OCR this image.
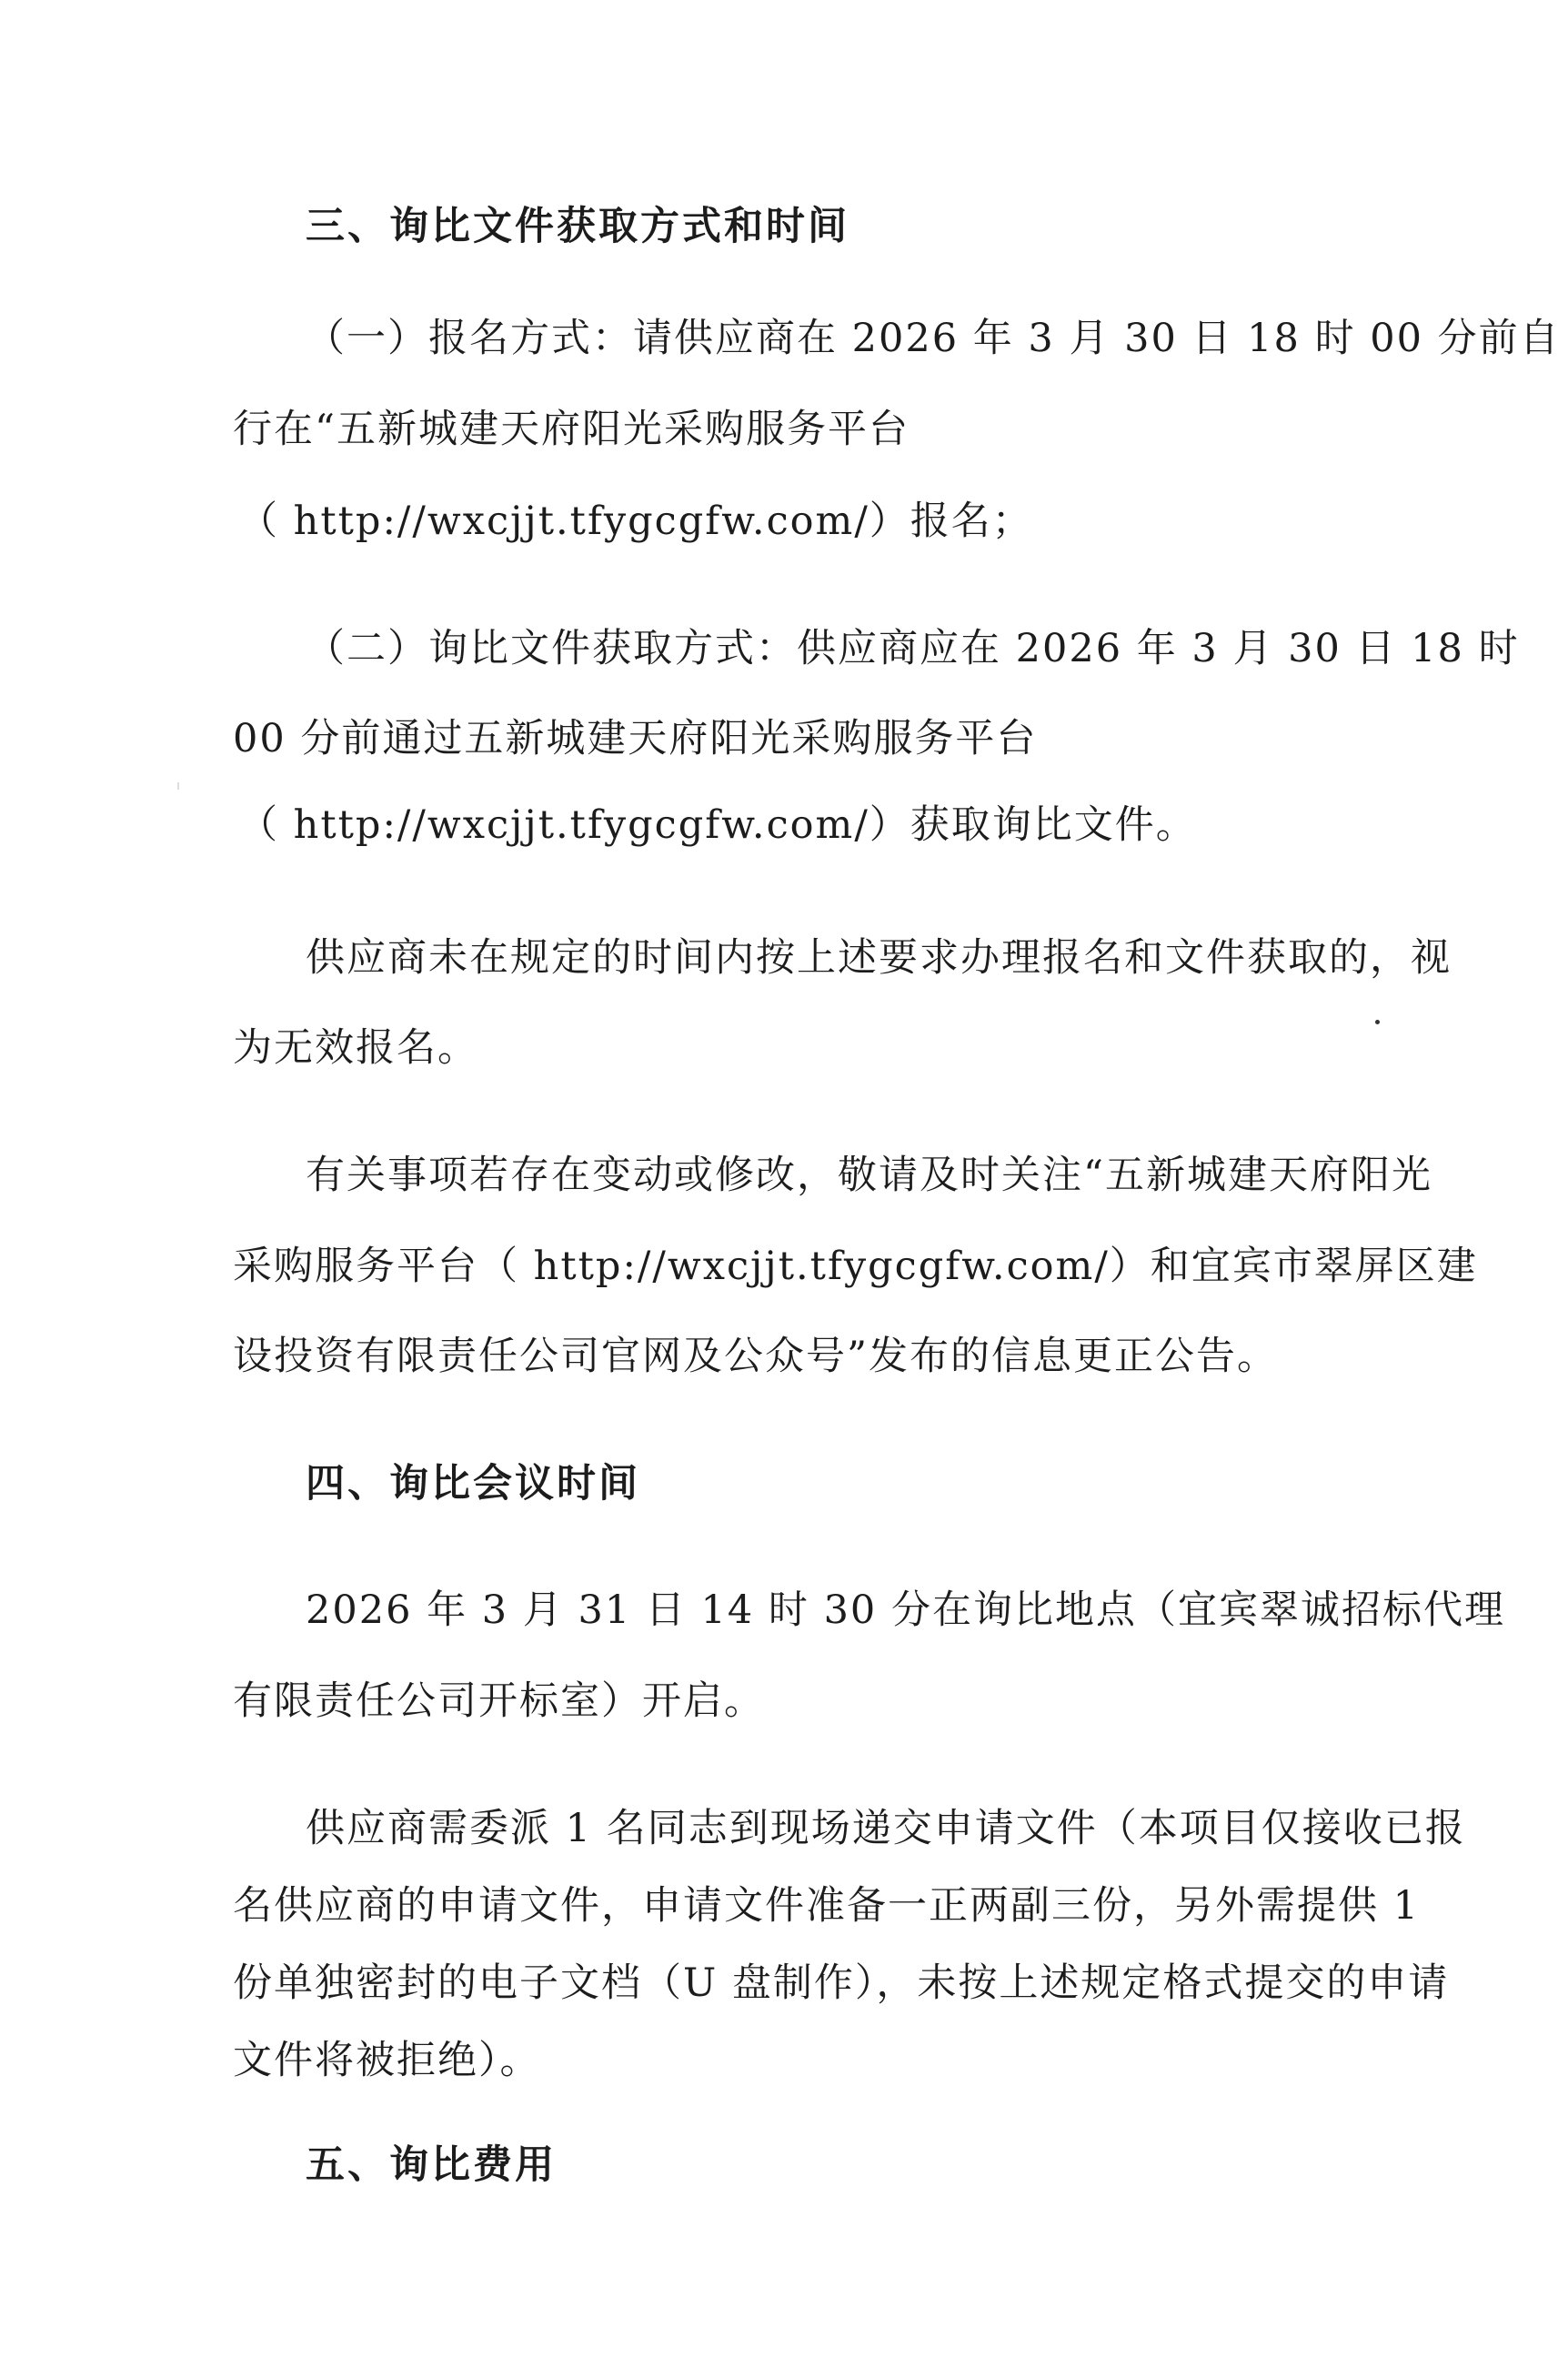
三、询比文件获取方式和时间
（一）报名方式：请供应商在 2026 年 3 月 30 日 18 时 00 分前自
行在“五新城建天府阳光采购服务平台
（ http://wxcjjt.tfygcgfw.com/）报名；
（二）询比文件获取方式：供应商应在 2026 年 3 月 30 日 18 时
00 分前通过五新城建天府阳光采购服务平台
（ http://wxcjjt.tfygcgfw.com/）获取询比文件。
供应商未在规定的时间内按上述要求办理报名和文件获取的，视
为无效报名。
有关事项若存在变动或修改，敬请及时关注“五新城建天府阳光
采购服务平台（ http://wxcjjt.tfygcgfw.com/）和宜宾市翠屏区建
设投资有限责任公司官网及公众号”发布的信息更正公告。
四、询比会议时间
2026 年 3 月 31 日 14 时 30 分在询比地点（宜宾翠诚招标代理
有限责任公司开标室）开启。
供应商需委派 1 名同志到现场递交申请文件（本项目仅接收已报
名供应商的申请文件，申请文件准备一正两副三份，另外需提供 1
份单独密封的电子文档（U 盘制作），未按上述规定格式提交的申请
文件将被拒绝）。
五、询比费用
